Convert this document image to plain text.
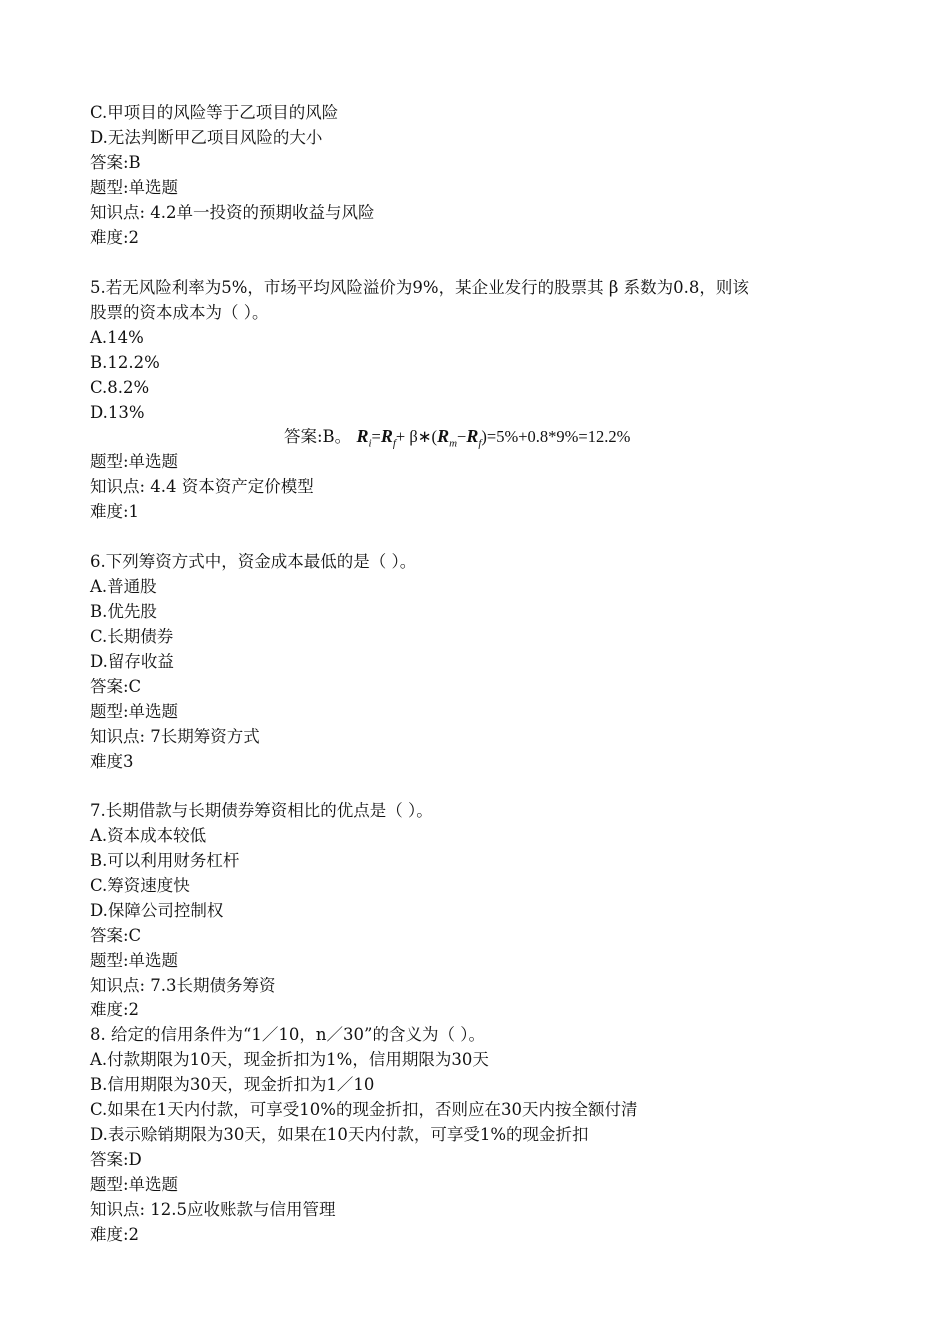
C.甲项目的风险等于乙项目的风险
D.无法判断甲乙项目风险的大小
答案:B
题型:单选题
知识点: 4.2单一投资的预期收益与风险
难度:2
5.若无风险利率为5%，市场平均风险溢价为9%，某企业发行的股票其 β 系数为0.8，则该
股票的资本成本为（ ）。
A.14%
B.12.2%
C.8.2%
D.13%
答案:B。 $R_i=R_f+$ $\beta∗(R_m-R_f)=5\%+0.8*9\%=12.2\%$
题型:单选题
知识点: 4.4 资本资产定价模型
难度:1
6.下列筹资方式中，资金成本最低的是（ ）。
A.普通股
B.优先股
C.长期债券
D.留存收益
答案:C
题型:单选题
知识点: 7长期筹资方式
难度3
7.长期借款与长期债券筹资相比的优点是（ ）。
A.资本成本较低
B.可以利用财务杠杆
C.筹资速度快
D.保障公司控制权
答案:C
题型:单选题
知识点: 7.3长期债务筹资
难度:2
8. 给定的信用条件为“1／10，n／30”的含义为（ ）。
A.付款期限为10天，现金折扣为1%，信用期限为30天
B.信用期限为30天，现金折扣为1／10
C.如果在1天内付款，可享受10%的现金折扣，否则应在30天内按全额付清
D.表示赊销期限为30天，如果在10天内付款，可享受1%的现金折扣
答案:D
题型:单选题
知识点: 12.5应收账款与信用管理
难度:2
